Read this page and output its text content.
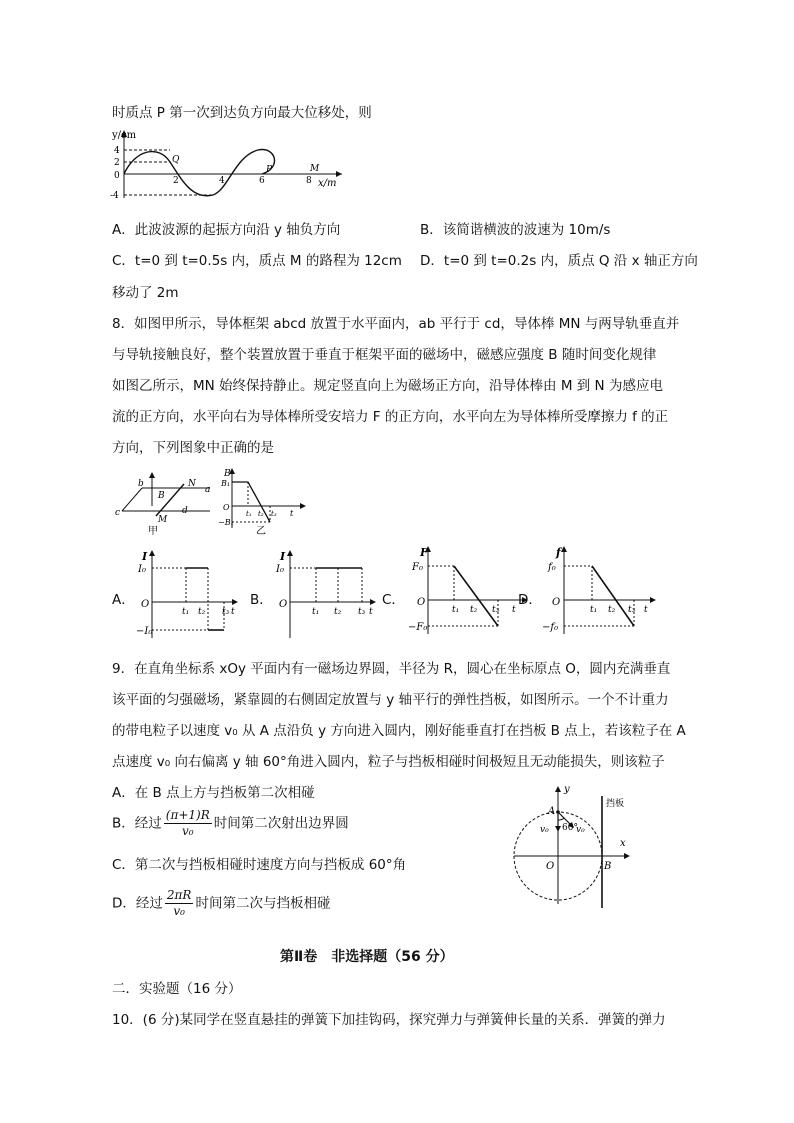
时质点 P 第一次到达负方向最大位移处，则
y/cm
x/m
4
2
0
-4
2	4	6	8
Q
P	M
A．此波波源的起振方向沿 y 轴负方向	B．该简谐横波的波速为 10m/s
C．t=0 到 t=0.5s 内，质点 M 的路程为 12cm D．t=0 到 t=0.2s 内，质点 Q 沿 x 轴正方向
移动了 2m
8．如图甲所示，导体框架 abcd 放置于水平面内，ab 平行于 cd，导体棒 MN 与两导轨垂直并
与导轨接触良好，整个装置放置于垂直于框架平面的磁场中，磁感应强度 B 随时间变化规律
如图乙所示，MN 始终保持静止。规定竖直向上为磁场正方向，沿导体棒由 M 到 N 为感应电
流的正方向，水平向右为导体棒所受安培力 F 的正方向，水平向左为导体棒所受摩擦力 f 的正
方向，下列图象中正确的是
b
a
N
B
c
M
d
甲
B
B₁
O
−B₁
t₁ t₂ t₃ t
乙
A．
I
I₀
O
−I₀
t₁ t₂ t₃ t
B．
I
I₀
O
t₁ t₂ t₃ t
C．
F
F₀
O
−F₀
t₁ t₂ t₃ t
D．
f
f₀
O
−f₀
t₁ t₂ t₃ t
9．在直角坐标系 xOy 平面内有一磁场边界圆，半径为 R，圆心在坐标原点 O，圆内充满垂直
该平面的匀强磁场，紧靠圆的右侧固定放置与 y 轴平行的弹性挡板，如图所示。一个不计重力
的带电粒子以速度 v₀ 从 A 点沿负 y 方向进入圆内，刚好能垂直打在挡板 B 点上，若该粒子在 A
点速度 v₀ 向右偏离 y 轴 60°角进入圆内，粒子与挡板相碰时间极短且无动能损失，则该粒子
A．在 B 点上方与挡板第二次相碰
B．经过 $\frac{(\pi+1)R}{\text{v₀}}$ 时间第二次射出边界圆
C．第二次与挡板相碰时速度方向与挡板成 60°角
D．经过 $\frac{2\pi R}{\text{v₀}}$ 时间第二次与挡板相碰
y
A
挡板
v₀ 60°
v₀
x
O	B
第Ⅱ卷　非选择题（56 分）
二．实验题（16 分）
10．(6 分)某同学在竖直悬挂的弹簧下加挂钩码，探究弹力与弹簧伸长量的关系．弹簧的弹力
